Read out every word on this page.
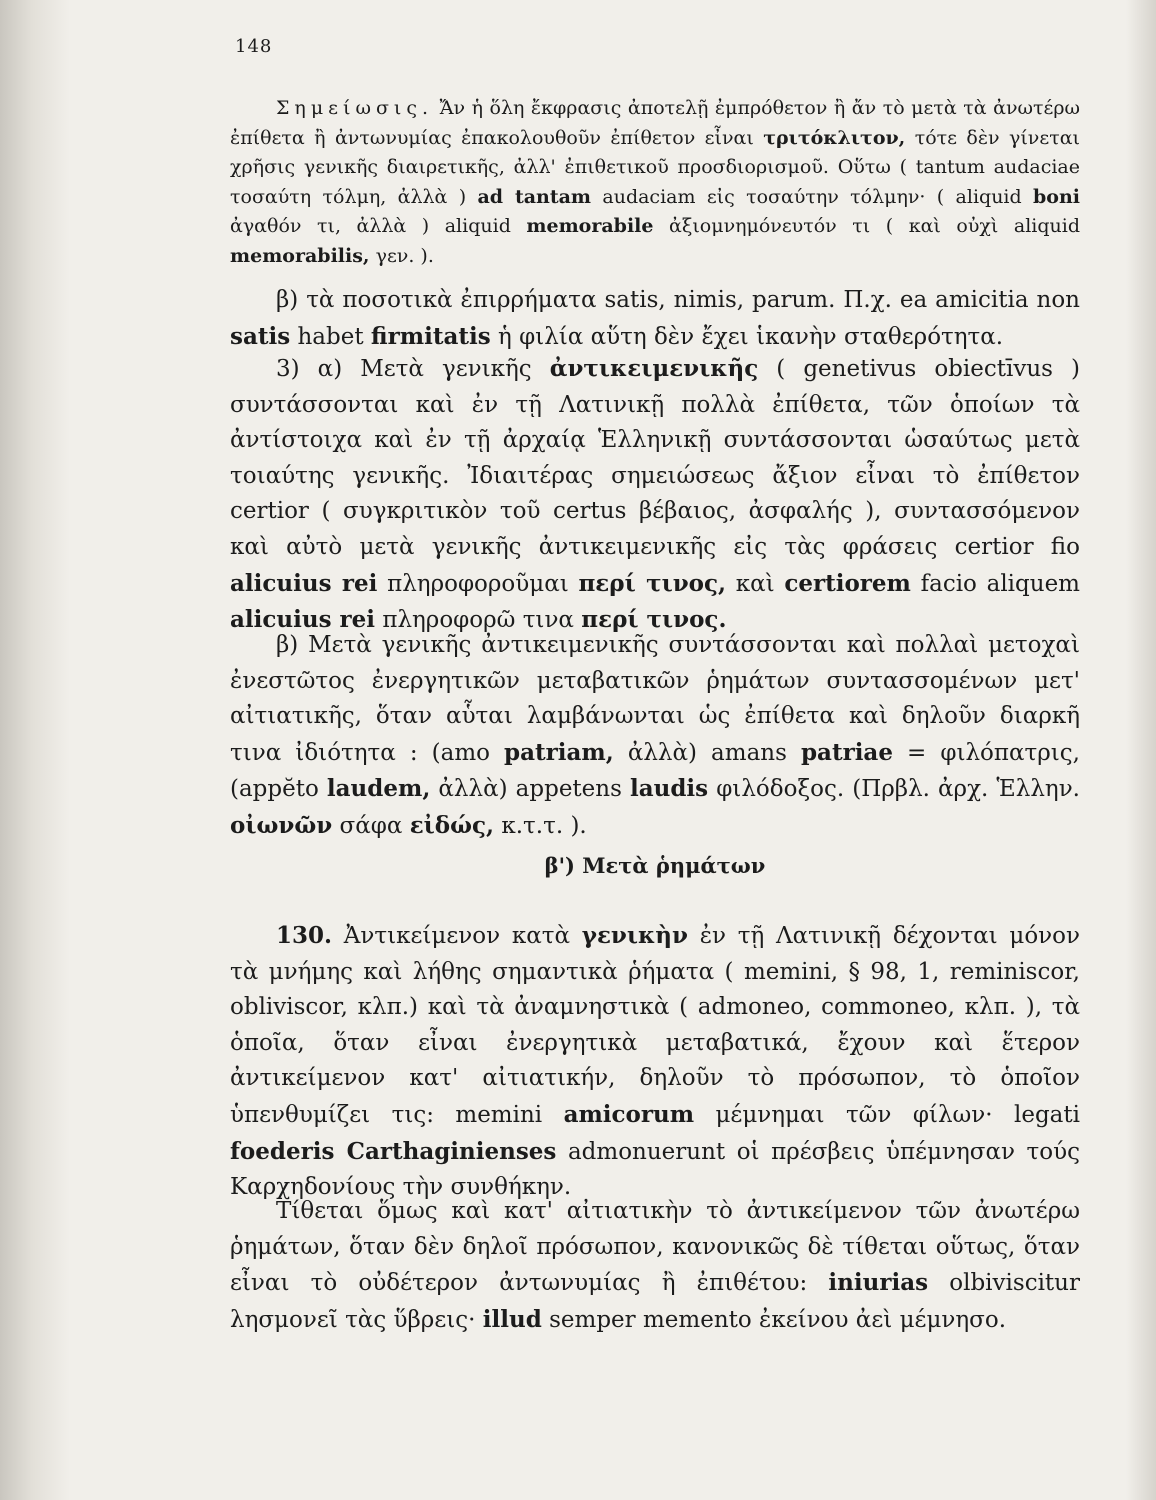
148

Σημείωσις. Ἄν ἡ ὅλη ἔκφρασις ἀποτελῇ ἐμπρόθετον ἢ ἄν τὸ μετὰ τὰ ἀνωτέρω ἐπίθετα ἢ ἀντωνυμίας ἐπακολουθοῦν ἐπίθετον εἶναι τριτόκλιτον, τότε δὲν γίνεται χρῆσις γενικῆς διαιρετικῆς, ἀλλ' ἐπιθετικοῦ προσδιορισμοῦ. Οὕτω ( tantum audaciae τοσαύτη τόλμη, ἀλλὰ ) ad tantam audaciam εἰς τοσαύτην τόλμην· ( aliquid boni ἀγαθόν τι, ἀλλὰ ) aliquid memorabile ἀξιομνημόνευτόν τι ( καὶ οὐχὶ aliquid memorabilis, γεν. ).

β) τὰ ποσοτικὰ ἐπιρρήματα satis, nimis, parum. Π.χ. ea amicitia non satis habet firmitatis ἡ φιλία αὕτη δὲν ἔχει ἱκανὴν σταθερότητα.

3) α) Μετὰ γενικῆς ἀντικειμενικῆς ( genetivus obiectīvus ) συντάσσονται καὶ ἐν τῇ Λατινικῇ πολλὰ ἐπίθετα, τῶν ὁποίων τὰ ἀντίστοιχα καὶ ἐν τῇ ἀρχαίᾳ Ἑλληνικῇ συντάσσονται ὡσαύτως μετὰ τοιαύτης γενικῆς. Ἰδιαιτέρας σημειώσεως ἄξιον εἶναι τὸ ἐπίθετον certior ( συγκριτικὸν τοῦ certus βέβαιος, ἀσφαλής ), συντασσόμενον καὶ αὐτὸ μετὰ γενικῆς ἀντικειμενικῆς εἰς τὰς φράσεις certior fio alicuius rei πληροφοροῦμαι περί τινος, καὶ certiorem facio aliquem alicuius rei πληροφορῶ τινα περί τινος.

β) Μετὰ γενικῆς ἀντικειμενικῆς συντάσσονται καὶ πολλαὶ μετοχαὶ ἐνεστῶτος ἐνεργητικῶν μεταβατικῶν ῥημάτων συντασσομένων μετ' αἰτιατικῆς, ὅταν αὗται λαμβάνωνται ὡς ἐπίθετα καὶ δηλοῦν διαρκῆ τινα ἰδιότητα : (amo patriam, ἀλλὰ) amans patriae = φιλόπατρις, (appĕto laudem, ἀλλὰ) appetens laudis φιλόδοξος. (Πρβλ. ἀρχ. Ἑλλην. οἰωνῶν σάφα εἰδώς, κ.τ.τ. ).

β') Μετὰ ῥημάτων

130. Ἀντικείμενον κατὰ γενικὴν ἐν τῇ Λατινικῇ δέχονται μόνον τὰ μνήμης καὶ λήθης σημαντικὰ ῥήματα ( memini, § 98, 1, reminiscor, obliviscor, κλπ.) καὶ τὰ ἀναμνηστικὰ ( admoneo, commoneo, κλπ. ), τὰ ὁποῖα, ὅταν εἶναι ἐνεργητικὰ μεταβατικά, ἔχουν καὶ ἕτερον ἀντικείμενον κατ' αἰτιατικήν, δηλοῦν τὸ πρόσωπον, τὸ ὁποῖον ὑπενθυμίζει τις: memini amicorum μέμνημαι τῶν φίλων· legati foederis Carthaginienses admonuerunt οἱ πρέσβεις ὑπέμνησαν τούς Καρχηδονίους τὴν συνθήκην.

Τίθεται ὅμως καὶ κατ' αἰτιατικὴν τὸ ἀντικείμενον τῶν ἀνωτέρω ῥημάτων, ὅταν δὲν δηλοῖ πρόσωπον, κανονικῶς δὲ τίθεται οὕτως, ὅταν εἶναι τὸ οὐδέτερον ἀντωνυμίας ἢ ἐπιθέτου: iniurias olbiviscitur λησμονεῖ τὰς ὕβρεις· illud semper memento ἐκείνου ἀεὶ μέμνησο.
